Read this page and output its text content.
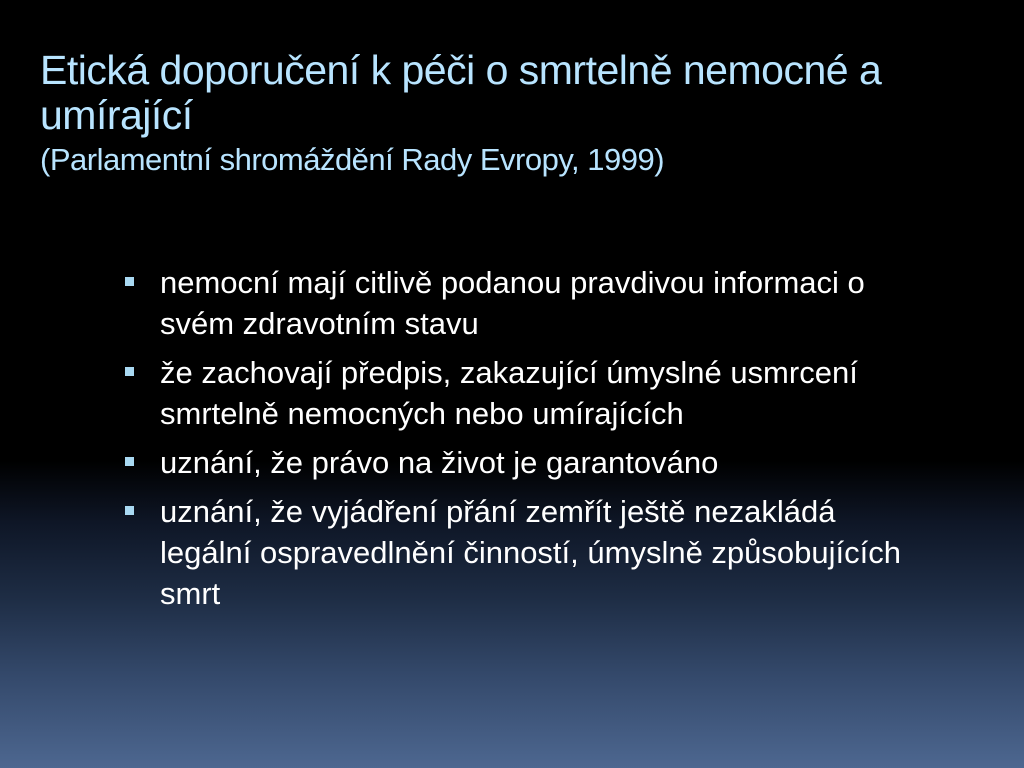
Etická doporučení k péči o smrtelně nemocné a umírající
(Parlamentní shromáždění Rady Evropy, 1999)
nemocní mají citlivě podanou pravdivou informaci o svém zdravotním stavu
že zachovají předpis, zakazující úmyslné usmrcení smrtelně nemocných nebo umírajících
uznání, že právo na život je garantováno
uznání, že vyjádření přání zemřít ještě nezakládá legální ospravedlnění činností, úmyslně způsobujících smrt
